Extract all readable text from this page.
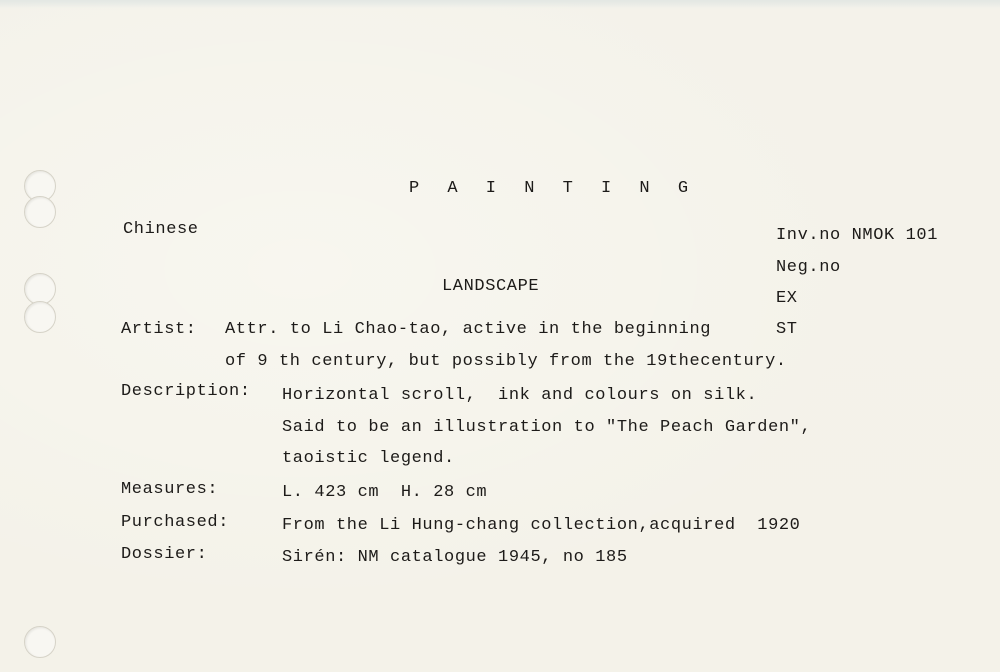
P A I N T I N G
Chinese	Inv.no NMOK 101
Neg.no
EX
ST
LANDSCAPE
Artist: Attr. to Li Chao-tao, active in the beginning
of 9 th century, but possibly from the 19thecentury.
Description: Horizontal scroll,  ink and colours on silk.
Said to be an illustration to "The Peach Garden",
taoistic legend.
Measures:	L. 423 cm  H. 28 cm
Purchased:	From the Li Hung-chang collection,acquired  1920
Dossier:	Sirén: NM catalogue 1945, no 185
